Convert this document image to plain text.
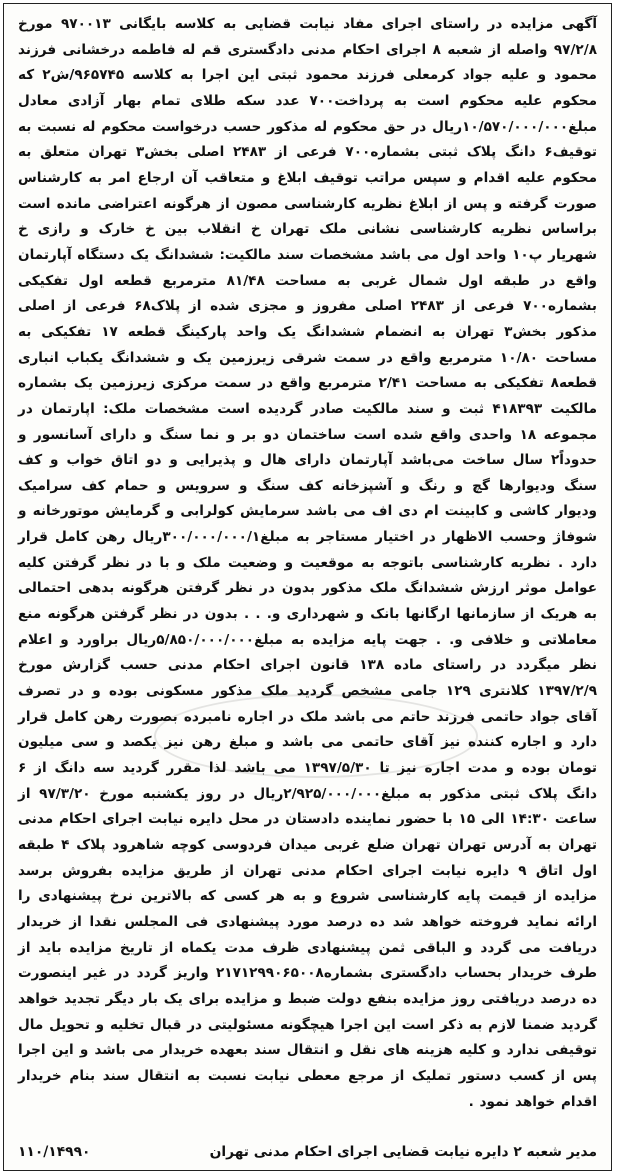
آگهی مزایده در راستای اجرای مفاد نیابت قضایی به کلاسه بایگانی ۹۷۰۰۱۳ مورخ ۹۷/۲/۸ واصله از شعبه ۸ اجرای احکام مدنی دادگستری قم له فاطمه درخشانی فرزند محمود و علیه جواد کرمعلی فرزند محمود ثبتی این اجرا به کلاسه ۹۶۵۷۴۵/ش۲ که محکوم علیه محکوم است به پرداخت۷۰۰ عدد سکه طلای تمام بهار آزادی معادل مبلغ۱۰/۵۷۰/۰۰۰/۰۰۰ریال در حق محکوم له مذکور حسب درخواست محکوم له نسبت به توقیف۶ دانگ پلاک ثبتی بشماره۷۰۰ فرعی از ۲۴۸۳ اصلی بخش۳ تهران متعلق به محکوم علیه اقدام و سپس مراتب توقیف ابلاغ و متعاقب آن ارجاع امر به کارشناس صورت گرفته و پس از ابلاغ نظریه کارشناسی مصون از هرگونه اعتراضی مانده است براساس نظریه کارشناسی نشانی ملک تهران خ انقلاب بین خ خارک و رازی خ شهریار پ۱۰ واحد اول می باشد مشخصات سند مالکیت: ششدانگ یک دستگاه آپارتمان واقع در طبقه اول شمال غربی به مساحت ۸۱/۴۸ مترمربع قطعه اول تفکیکی بشماره۷۰۰ فرعی از ۲۴۸۳ اصلی مفروز و مجزی شده از پلاک۶۸ فرعی از اصلی مذکور بخش۳ تهران به انضمام ششدانگ یک واحد پارکینگ قطعه ۱۷ تفکیکی به مساحت ۱۰/۸۰ مترمربع واقع در سمت شرقی زیرزمین یک و ششدانگ یکباب انباری قطعه۸ تفکیکی به مساحت ۲/۴۱ مترمربع واقع در سمت مرکزی زیرزمین یک بشماره مالکیت ۴۱۸۳۹۳ ثبت و سند مالکیت صادر گردیده است مشخصات ملک: اپارتمان در مجموعه ۱۸ واحدی واقع شده است ساختمان دو بر و نما سنگ و دارای آسانسور و حدوداً۲ سال ساخت می‌باشد آپارتمان دارای هال و پذیرایی و دو اتاق خواب و کف سنگ ودیوارها گچ و رنگ و آشپزخانه کف سنگ و سرویس و حمام کف سرامیک ودیوار کاشی و کابینت ام دی اف می باشد سرمایش کولرابی و گرمایش موتورخانه و شوفاژ وحسب الاظهار در اختیار مستاجر به مبلغ۳۰۰/۰۰۰/۰۰۰/۱ریال رهن کامل قرار دارد . نظریه کارشناسی باتوجه به موقعیت و وضعیت ملک و با در نظر گرفتن کلیه عوامل موثر ارزش ششدانگ ملک مذکور بدون در نظر گرفتن هرگونه بدهی احتمالی به هریک از سازمانها ارگانها بانک و شهرداری و. . . بدون در نظر گرفتن هرگونه منع معاملاتی و خلافی و. . جهت پایه مزایده به مبلغ۵/۸۵۰/۰۰۰/۰۰۰ریال براورد و اعلام نظر میگردد در راستای ماده ۱۳۸ قانون اجرای احکام مدنی حسب گزارش مورخ ۱۳۹۷/۲/۹ کلانتری ۱۲۹ جامی مشخص گردید ملک مذکور مسکونی بوده و در تصرف آقای جواد حاتمی فرزند حاتم می باشد ملک در اجاره نامبرده بصورت رهن کامل قرار دارد و اجاره کننده نیز آقای حاتمی می باشد و مبلغ رهن نیز یکصد و سی میلیون تومان بوده و مدت اجاره نیز تا ۱۳۹۷/۵/۳۰ می باشد لذا مقرر گردید سه دانگ از ۶ دانگ پلاک ثبتی مذکور به مبلغ۲/۹۲۵/۰۰۰/۰۰۰ریال در روز یکشنبه مورخ ۹۷/۳/۲۰ از ساعت ۱۴:۳۰ الی ۱۵ با حضور نماینده دادستان در محل دایره نیابت اجرای احکام مدنی تهران به آدرس تهران تهران ضلع غربی میدان فردوسی کوچه شاهرود پلاک ۴ طبقه اول اتاق ۹ دایره نیابت اجرای احکام مدنی تهران از طریق مزایده بفروش برسد مزایده از قیمت پایه کارشناسی شروع و به هر کسی که بالاترین نرخ پیشنهادی را ارائه نماید فروخته خواهد شد ده درصد مورد پیشنهادی فی المجلس نقدا از خریدار دریافت می گردد و الباقی ثمن پیشنهادی ظرف مدت یکماه از تاریخ مزایده باید از طرف خریدار بحساب دادگستری بشماره۲۱۷۱۲۹۹۰۶۵۰۰۸ واریز گردد در غیر اینصورت ده درصد دریافتی روز مزایده بنفع دولت ضبط و مزایده برای یک بار دیگر تجدید خواهد گردید ضمنا لازم به ذکر است این اجرا هیچگونه مسئولیتی در قبال تخلیه و تحویل مال توقیفی ندارد و کلیه هزینه های نقل و انتقال سند بعهده خریدار می باشد و این اجرا پس از کسب دستور تملیک از مرجع معطی نیابت نسبت به انتقال سند بنام خریدار اقدام خواهد نمود .

مدیر شعبه ۲ دایره نیابت قضایی اجرای احکام مدنی تهران
۱۱۰/۱۴۹۹۰
